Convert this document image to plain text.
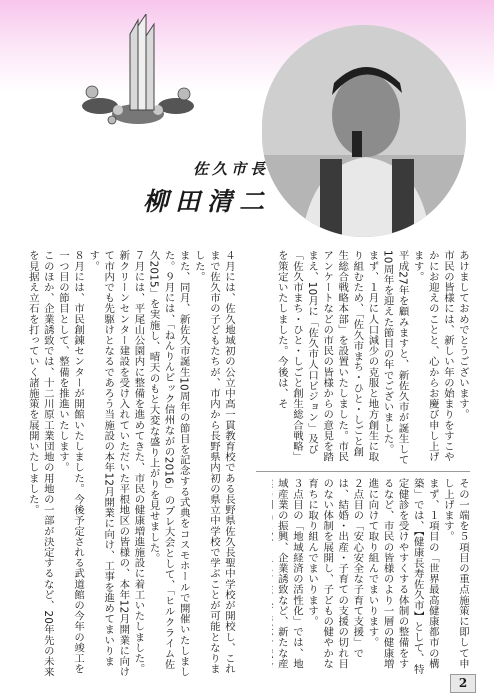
佐久市長
柳田清二
あけましておめでとうございます。
市民の皆様には、新しい年の始まりをすこやかにお迎えのことと、心からお慶び申し上げます。
平成27年を顧みますと、新佐久市が誕生して10周年を迎えた節目の年でございました。
まず、１月に人口減少の克服と地方創生に取り組むため、「佐久市まち・ひと・しごと創生総合戦略本部」を設置いたしました。市民アンケートなどの市民の皆様からの意見を踏まえ、10月に「佐久市人口ビジョン」及び「佐久市まち・ひと・しごと創生総合戦略」を策定いたしました。今後は、そ
４月には、佐久地域初の公立中高一貫教育校である長野県佐久長聖中学校が開校し、これまで佐久市の子どもたちが、市内から長野県内初の県立中学校で学ぶことが可能となりました。
また、同月、新佐久市誕生10周年の節目を記念する式典をコスモホールで開催いたしました。９月には、「ねんりんピック信州ながの2016」のプレ大会として、「ヒルクライム佐久2015」を実施し、晴天のもと大変な盛り上がりを見せました。
７月には、平尾山公園内に整備を進めてきた、市民の健康増進施設に着工いたしました。新クリーンセンター建設を受け入れていただいた平根地区の皆様の、本年12月開業に向けて市内でも先駆けとなるであろう当施設の本年12月開業に向け、工事を進めてまいります。
８月には、市民創錬センターが開館いたしました。今後予定される武道館の今年の竣工を一つ目の節目として、整備を推進いたします。
このほか、企業誘致では、十二川原工業団地の用地の一部が決定するなど、20年先の未来を見据え立石を打っていく諸施策を展開いたしました。

その一端を５項目の重点施策に即して申し上げます。
まず、１項目の「世界最高健康都市の構築」では、【健康長寿佐久市】として、特定健診を受けやすくする体制の整備をするなど、市民の皆様のより一層の健康増進に向けて取り組んでまいります。
２点目の「安心安全な子育て支援」では、結婚・出産・子育ての支援の切れ目のない体制を展開し、子どもの健やかな育ちに取り組んでまいります。
３点目の「地域経済の活性化」では、地域産業の振興、企業誘致など、新たな産

2
